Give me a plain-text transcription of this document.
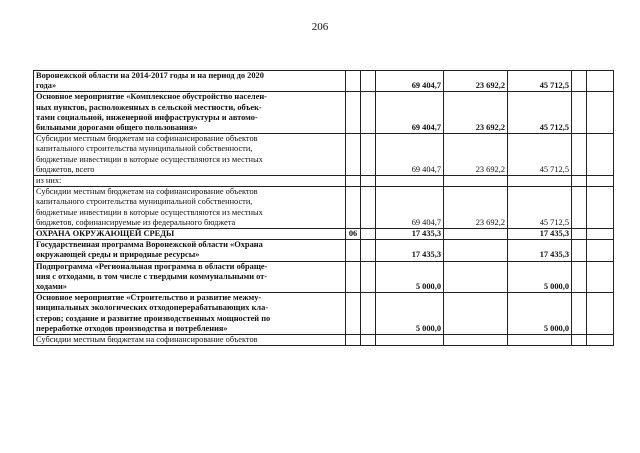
206
Воронежской области на 2014-2017 годы и на период до 2020
года»			69 404,7	23 692,2	45 712,5		

Основное мероприятие «Комплексное обустройство населен-
ных пунктов, расположенных в сельской местности, объек-
тами социальной, инженерной инфраструктуры и автомо-
бильными дорогами общего пользования»			69 404,7	23 692,2	45 712,5		

Субсидии местным бюджетам на софинансирование объектов
капитального строительства муниципальной собственности,
бюджетные инвестиции в которые осуществляются из местных
бюджетов, всего			69 404,7	23 692,2	45 712,5		

из них:							

Субсидии местным бюджетам на софинансирование объектов
капитального строительства муниципальной собственности,
бюджетные инвестиции в которые осуществляются из местных
бюджетов, софинансируемые из федерального бюджета			69 404,7	23 692,2	45 712,5		

ОХРАНА ОКРУЖАЮЩЕЙ СРЕДЫ	06		17 435,3		17 435,3		

Государственная программа Воронежской области «Охрана
окружающей среды и природные ресурсы»			17 435,3		17 435,3		

Подпрограмма «Региональная программа в области обраще-
ния с отходами, в том числе с твердыми коммунальными от-
ходами»			5 000,0		5 000,0		

Основное мероприятие «Строительство и развитие межму-
ниципальных экологических отходоперерабатывающих кла-
стеров; создание и развитие производственных мощностей по
переработке отходов производства и потребления»			5 000,0		5 000,0		

Субсидии местным бюджетам на софинансирование объектов							
